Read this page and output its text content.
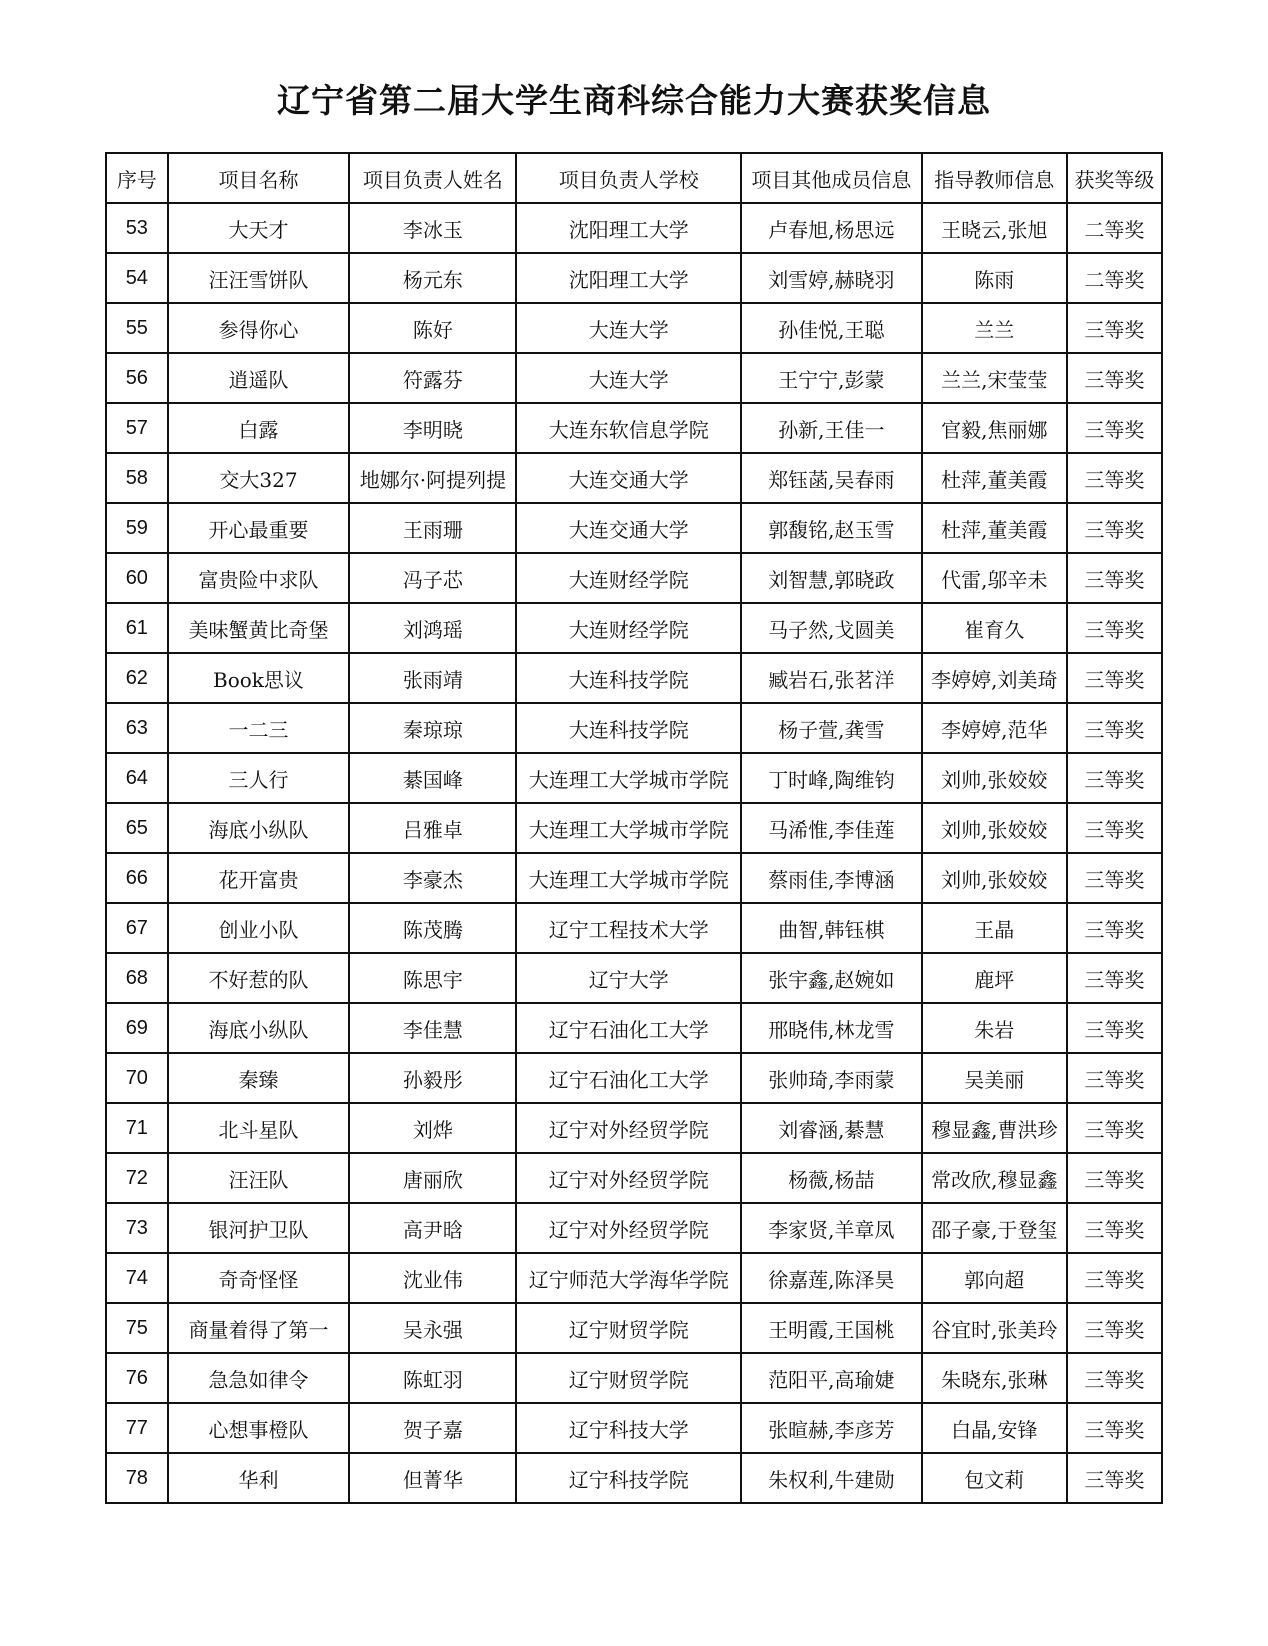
辽宁省第二届大学生商科综合能力大赛获奖信息
序号	项目名称	项目负责人姓名	项目负责人学校	项目其他成员信息	指导教师信息	获奖等级
53	大天才	李冰玉	沈阳理工大学	卢春旭,杨思远	王晓云,张旭	二等奖
54	汪汪雪饼队	杨元东	沈阳理工大学	刘雪婷,赫晓羽	陈雨	二等奖
55	参得你心	陈好	大连大学	孙佳悦,王聪	兰兰	三等奖
56	逍遥队	符露芬	大连大学	王宁宁,彭蒙	兰兰,宋莹莹	三等奖
57	白露	李明晓	大连东软信息学院	孙新,王佳一	官毅,焦丽娜	三等奖
58	交大327	地娜尔·阿提列提	大连交通大学	郑钰菡,吴春雨	杜萍,董美霞	三等奖
59	开心最重要	王雨珊	大连交通大学	郭馥铭,赵玉雪	杜萍,董美霞	三等奖
60	富贵险中求队	冯子芯	大连财经学院	刘智慧,郭晓政	代雷,邬辛未	三等奖
61	美味蟹黄比奇堡	刘鸿瑶	大连财经学院	马子然,戈圆美	崔育久	三等奖
62	Book思议	张雨靖	大连科技学院	臧岩石,张茗洋	李婷婷,刘美琦	三等奖
63	一二三	秦琼琼	大连科技学院	杨子萱,龚雪	李婷婷,范华	三等奖
64	三人行	綦国峰	大连理工大学城市学院	丁时峰,陶维钧	刘帅,张姣姣	三等奖
65	海底小纵队	吕雅卓	大连理工大学城市学院	马浠惟,李佳莲	刘帅,张姣姣	三等奖
66	花开富贵	李豪杰	大连理工大学城市学院	蔡雨佳,李博涵	刘帅,张姣姣	三等奖
67	创业小队	陈茂腾	辽宁工程技术大学	曲智,韩钰棋	王晶	三等奖
68	不好惹的队	陈思宇	辽宁大学	张宇鑫,赵婉如	鹿坪	三等奖
69	海底小纵队	李佳慧	辽宁石油化工大学	邢晓伟,林龙雪	朱岩	三等奖
70	秦臻	孙毅彤	辽宁石油化工大学	张帅琦,李雨蒙	吴美丽	三等奖
71	北斗星队	刘烨	辽宁对外经贸学院	刘睿涵,綦慧	穆显鑫,曹洪珍	三等奖
72	汪汪队	唐丽欣	辽宁对外经贸学院	杨薇,杨喆	常改欣,穆显鑫	三等奖
73	银河护卫队	高尹晗	辽宁对外经贸学院	李家贤,羊章凤	邵子豪,于登玺	三等奖
74	奇奇怪怪	沈业伟	辽宁师范大学海华学院	徐嘉莲,陈泽昊	郭向超	三等奖
75	商量着得了第一	吴永强	辽宁财贸学院	王明霞,王国桃	谷宜时,张美玲	三等奖
76	急急如律令	陈虹羽	辽宁财贸学院	范阳平,高瑜婕	朱晓东,张琳	三等奖
77	心想事橙队	贺子嘉	辽宁科技大学	张暄赫,李彦芳	白晶,安锋	三等奖
78	华利	但菁华	辽宁科技学院	朱权利,牛建勋	包文莉	三等奖
